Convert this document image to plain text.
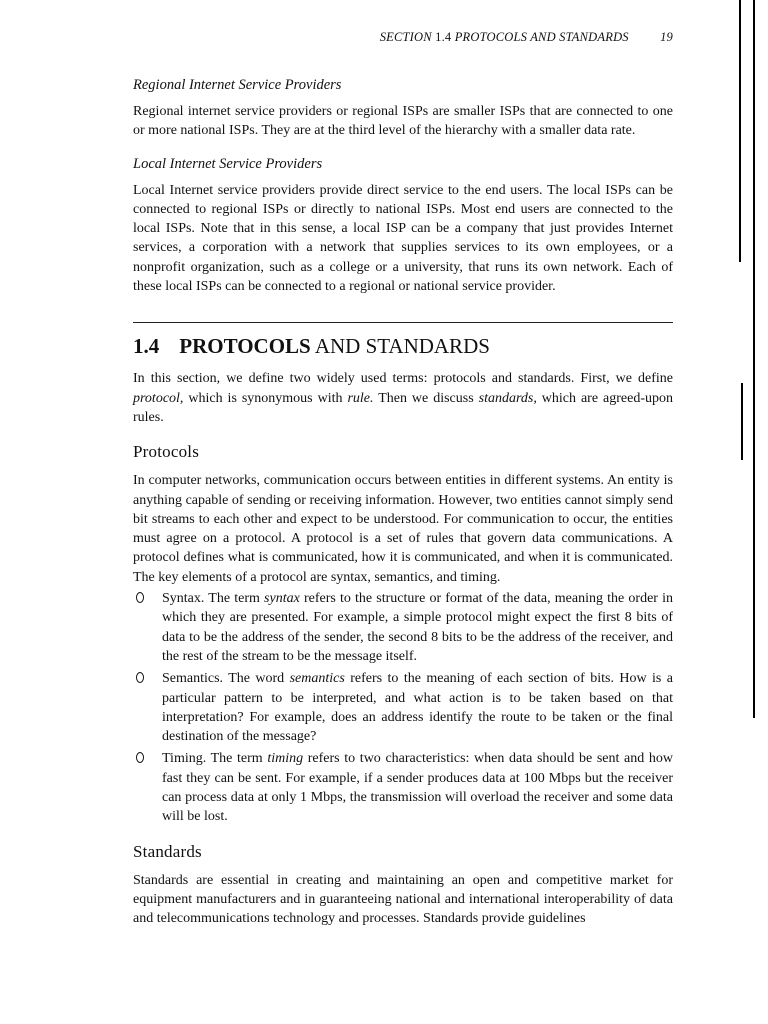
SECTION 1.4 PROTOCOLS AND STANDARDS	19
Regional Internet Service Providers

Regional internet service providers or regional ISPs are smaller ISPs that are connected to one or more national ISPs. They are at the third level of the hierarchy with a smaller data rate.

Local Internet Service Providers

Local Internet service providers provide direct service to the end users. The local ISPs can be connected to regional ISPs or directly to national ISPs. Most end users are connected to the local ISPs. Note that in this sense, a local ISP can be a company that just provides Internet services, a corporation with a network that supplies services to its own employees, or a nonprofit organization, such as a college or a university, that runs its own network. Each of these local ISPs can be connected to a regional or national service provider.

1.4 PROTOCOLS AND STANDARDS

In this section, we define two widely used terms: protocols and standards. First, we define protocol, which is synonymous with rule. Then we discuss standards, which are agreed-upon rules.

Protocols

In computer networks, communication occurs between entities in different systems. An entity is anything capable of sending or receiving information. However, two entities cannot simply send bit streams to each other and expect to be understood. For communication to occur, the entities must agree on a protocol. A protocol is a set of rules that govern data communications. A protocol defines what is communicated, how it is communicated, and when it is communicated. The key elements of a protocol are syntax, semantics, and timing.

Syntax. The term syntax refers to the structure or format of the data, meaning the order in which they are presented. For example, a simple protocol might expect the first 8 bits of data to be the address of the sender, the second 8 bits to be the address of the receiver, and the rest of the stream to be the message itself.
Semantics. The word semantics refers to the meaning of each section of bits. How is a particular pattern to be interpreted, and what action is to be taken based on that interpretation? For example, does an address identify the route to be taken or the final destination of the message?
Timing. The term timing refers to two characteristics: when data should be sent and how fast they can be sent. For example, if a sender produces data at 100 Mbps but the receiver can process data at only 1 Mbps, the transmission will overload the receiver and some data will be lost.
Standards

Standards are essential in creating and maintaining an open and competitive market for equipment manufacturers and in guaranteeing national and international interoperability of data and telecommunications technology and processes. Standards provide guidelines
